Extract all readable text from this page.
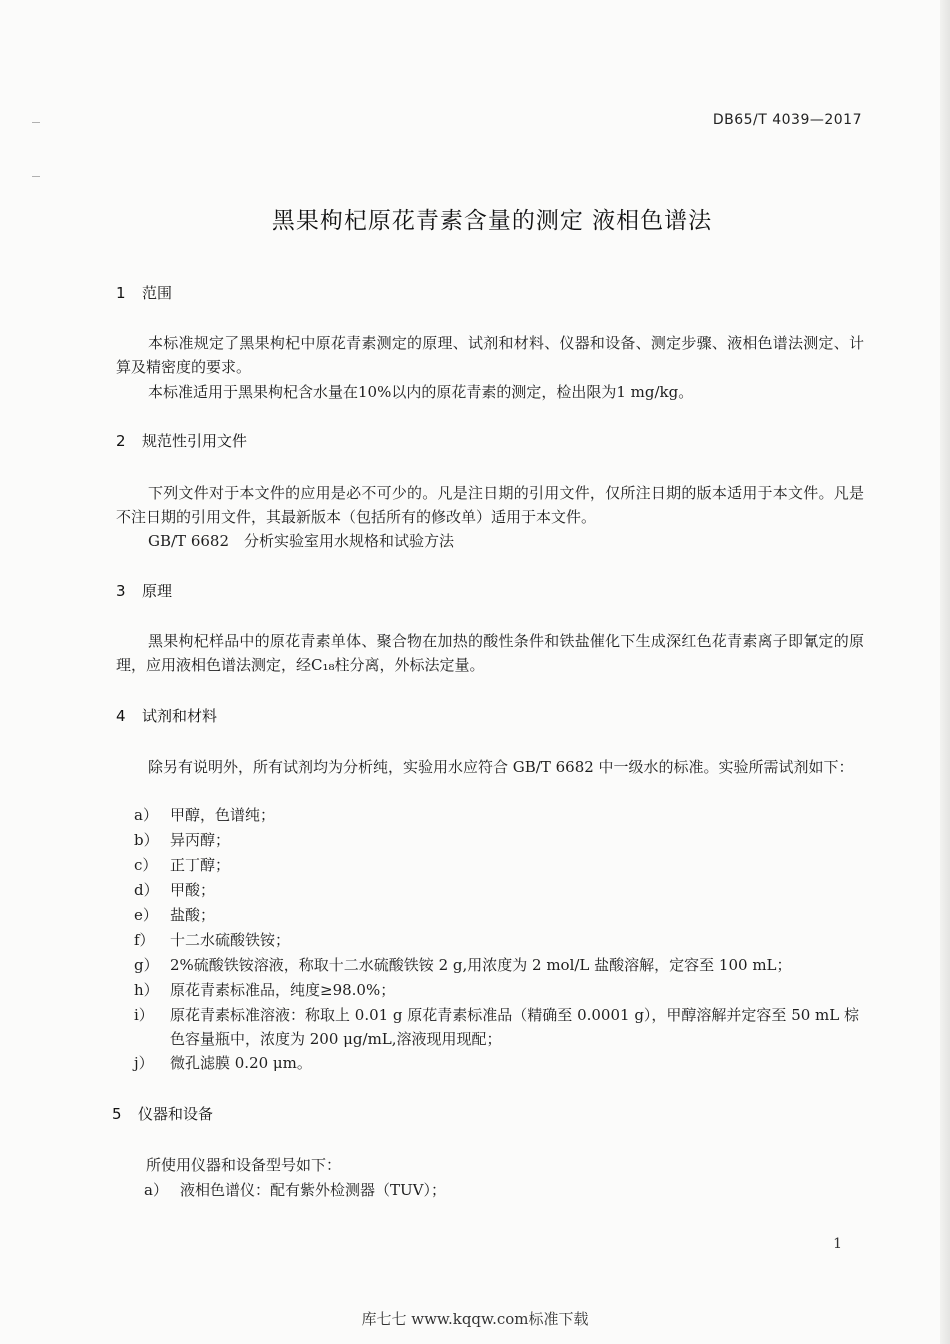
DB65/T 4039—2017
黑果枸杞原花青素含量的测定 液相色谱法
1 范围
本标准规定了黑果枸杞中原花青素测定的原理、试剂和材料、仪器和设备、测定步骤、液相色谱法测定、计算及精密度的要求。
本标准适用于黑果枸杞含水量在10%以内的原花青素的测定，检出限为1 mg/kg。
2 规范性引用文件
下列文件对于本文件的应用是必不可少的。凡是注日期的引用文件，仅所注日期的版本适用于本文件。凡是不注日期的引用文件，其最新版本（包括所有的修改单）适用于本文件。
GB/T 6682　分析实验室用水规格和试验方法
3 原理
黑果枸杞样品中的原花青素单体、聚合物在加热的酸性条件和铁盐催化下生成深红色花青素离子即氰定的原理，应用液相色谱法测定，经C₁₈柱分离，外标法定量。
4 试剂和材料
除另有说明外，所有试剂均为分析纯，实验用水应符合 GB/T 6682 中一级水的标准。实验所需试剂如下：
a） 甲醇，色谱纯；
b） 异丙醇；
c） 正丁醇；
d） 甲酸；
e） 盐酸；
f） 十二水硫酸铁铵；
g） 2%硫酸铁铵溶液，称取十二水硫酸铁铵 2 g,用浓度为 2 mol/L 盐酸溶解，定容至 100 mL；
h） 原花青素标准品，纯度≥98.0%；
i） 原花青素标准溶液：称取上 0.01 g 原花青素标准品（精确至 0.0001 g），甲醇溶解并定容至 50 mL 棕色容量瓶中，浓度为 200 μg/mL,溶液现用现配；
j） 微孔滤膜 0.20 μm。
5 仪器和设备
所使用仪器和设备型号如下：
a） 液相色谱仪：配有紫外检测器（TUV）；
1
库七七 www.kqqw.com标准下载
